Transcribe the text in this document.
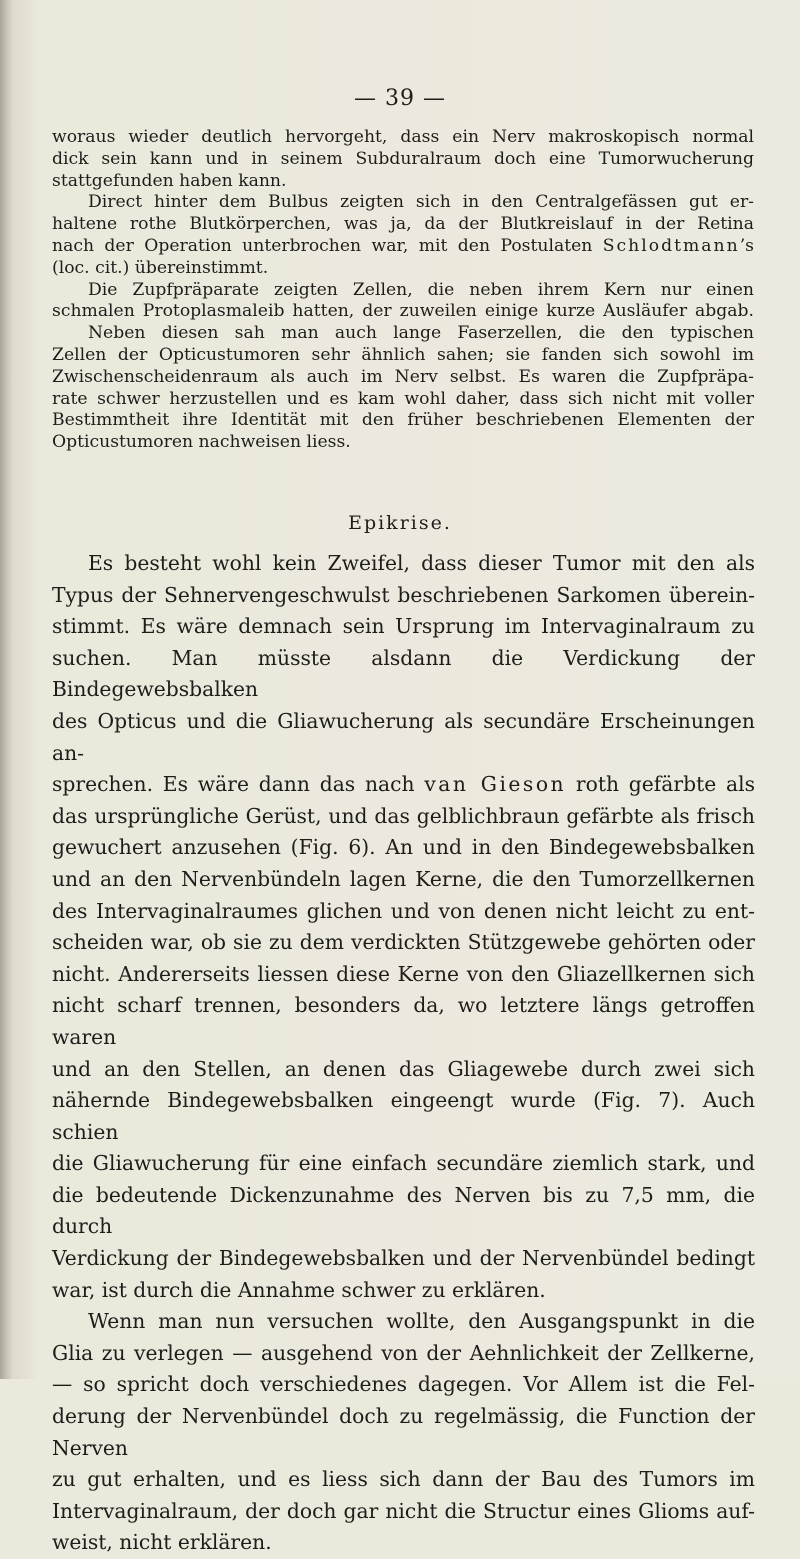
— 39 —

woraus wieder deutlich hervorgeht, dass ein Nerv makroskopisch normal

dick sein kann und in seinem Subduralraum doch eine Tumorwucherung

stattgefunden haben kann.

Direct hinter dem Bulbus zeigten sich in den Centralgefässen gut er-

haltene rothe Blutkörperchen, was ja, da der Blutkreislauf in der Retina

nach der Operation unterbrochen war, mit den Postulaten Schlodtmann’s

(loc. cit.) übereinstimmt.

Die Zupfpräparate zeigten Zellen, die neben ihrem Kern nur einen

schmalen Protoplasmaleib hatten, der zuweilen einige kurze Ausläufer abgab.

Neben diesen sah man auch lange Faserzellen, die den typischen

Zellen der Opticustumoren sehr ähnlich sahen; sie fanden sich sowohl im

Zwischenscheidenraum als auch im Nerv selbst. Es waren die Zupfpräpa-

rate schwer herzustellen und es kam wohl daher, dass sich nicht mit voller

Bestimmtheit ihre Identität mit den früher beschriebenen Elementen der

Opticustumoren nachweisen liess.

Epikrise.

Es besteht wohl kein Zweifel, dass dieser Tumor mit den als

Typus der Sehnervengeschwulst beschriebenen Sarkomen überein-

stimmt. Es wäre demnach sein Ursprung im Intervaginalraum zu

suchen. Man müsste alsdann die Verdickung der Bindegewebsbalken

des Opticus und die Gliawucherung als secundäre Erscheinungen an-

sprechen. Es wäre dann das nach van Gieson roth gefärbte als

das ursprüngliche Gerüst, und das gelblichbraun gefärbte als frisch

gewuchert anzusehen (Fig. 6). An und in den Bindegewebsbalken

und an den Nervenbündeln lagen Kerne, die den Tumorzellkernen

des Intervaginalraumes glichen und von denen nicht leicht zu ent-

scheiden war, ob sie zu dem verdickten Stützgewebe gehörten oder

nicht. Andererseits liessen diese Kerne von den Gliazellkernen sich

nicht scharf trennen, besonders da, wo letztere längs getroffen waren

und an den Stellen, an denen das Gliagewebe durch zwei sich

nähernde Bindegewebsbalken eingeengt wurde (Fig. 7). Auch schien

die Gliawucherung für eine einfach secundäre ziemlich stark, und

die bedeutende Dickenzunahme des Nerven bis zu 7,5 mm, die durch

Verdickung der Bindegewebsbalken und der Nervenbündel bedingt

war, ist durch die Annahme schwer zu erklären.

Wenn man nun versuchen wollte, den Ausgangspunkt in die

Glia zu verlegen — ausgehend von der Aehnlichkeit der Zellkerne,

— so spricht doch verschiedenes dagegen. Vor Allem ist die Fel-

derung der Nervenbündel doch zu regelmässig, die Function der Nerven

zu gut erhalten, und es liess sich dann der Bau des Tumors im

Intervaginalraum, der doch gar nicht die Structur eines Glioms auf-

weist, nicht erklären.
